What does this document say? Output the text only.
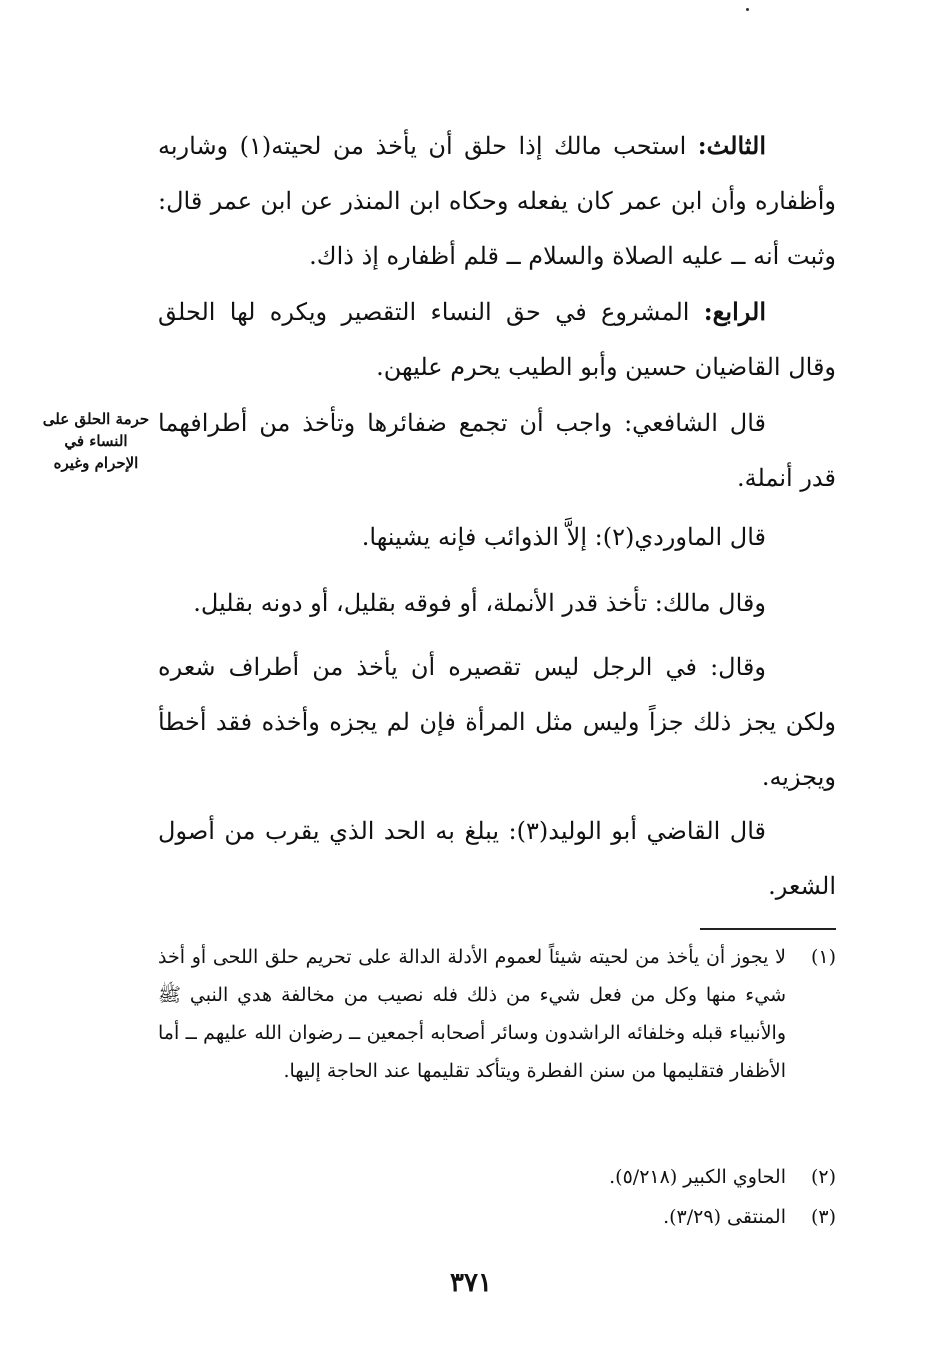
الثالث: استحب مالك إذا حلق أن يأخذ من لحيته(١) وشاربه وأظفاره وأن ابن عمر كان يفعله وحكاه ابن المنذر عن ابن عمر قال: وثبت أنه ــ عليه الصلاة والسلام ــ قلم أظفاره إذ ذاك.

الرابع: المشروع في حق النساء التقصير ويكره لها الحلق وقال القاضيان حسين وأبو الطيب يحرم عليهن.

قال الشافعي: واجب أن تجمع ضفائرها وتأخذ من أطرافهما قدر أنملة.

حرمة الحلق على النساء في الإحرام وغيره

قال الماوردي(٢): إلاَّ الذوائب فإنه يشينها.

وقال مالك: تأخذ قدر الأنملة، أو فوقه بقليل، أو دونه بقليل.

وقال: في الرجل ليس تقصيره أن يأخذ من أطراف شعره ولكن يجز ذلك جزاً وليس مثل المرأة فإن لم يجزه وأخذه فقد أخطأ ويجزيه.

قال القاضي أبو الوليد(٣): يبلغ به الحد الذي يقرب من أصول الشعر.

(١)
لا يجوز أن يأخذ من لحيته شيئاً لعموم الأدلة الدالة على تحريم حلق اللحى أو أخذ شيء منها وكل من فعل شيء من ذلك فله نصيب من مخالفة هدي النبي ﷺ والأنبياء قبله وخلفائه الراشدون وسائر أصحابه أجمعين ــ رضوان الله عليهم ــ أما الأظفار فتقليمها من سنن الفطرة ويتأكد تقليمها عند الحاجة إليها.
(٢)
الحاوي الكبير (٥/٢١٨).
(٣)
المنتقى (٣/٢٩).
٣٧١
